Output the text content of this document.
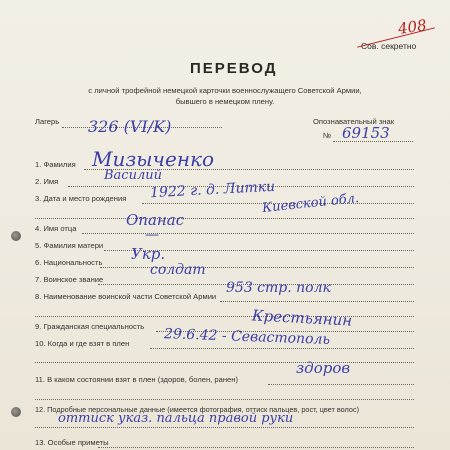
408
Сов. секретно
ПЕРЕВОД
с личной трофейной немецкой карточки военнослужащего Советской Армии,
бывшего в немецком плену.
Лагерь 326 (VI/K)	Опознавательный знак
№ 69153
1. Фамилия Мизыченко
2. Имя	Василий
3. Дата и место рождения 1922 г. д. Литки
Киевской обл.
4. Имя отца	Опанас
5. Фамилия матери
—
6. Национальность Укр.
7. Воинское звание
солдат
8. Наименование воинской части Советской Армии
953 стр. полк
9. Гражданская специальность	Крестьянин
10. Когда и где взят в плен 29.6.42 - Севастополь
11. В каком состоянии взят в плен (здоров, болен, ранен)
здоров
12. Подробные персональные данные (имеется фотография, оттиск пальцев, рост, цвет волос)
оттиск указ. пальца правой руки
13. Особые приметы
